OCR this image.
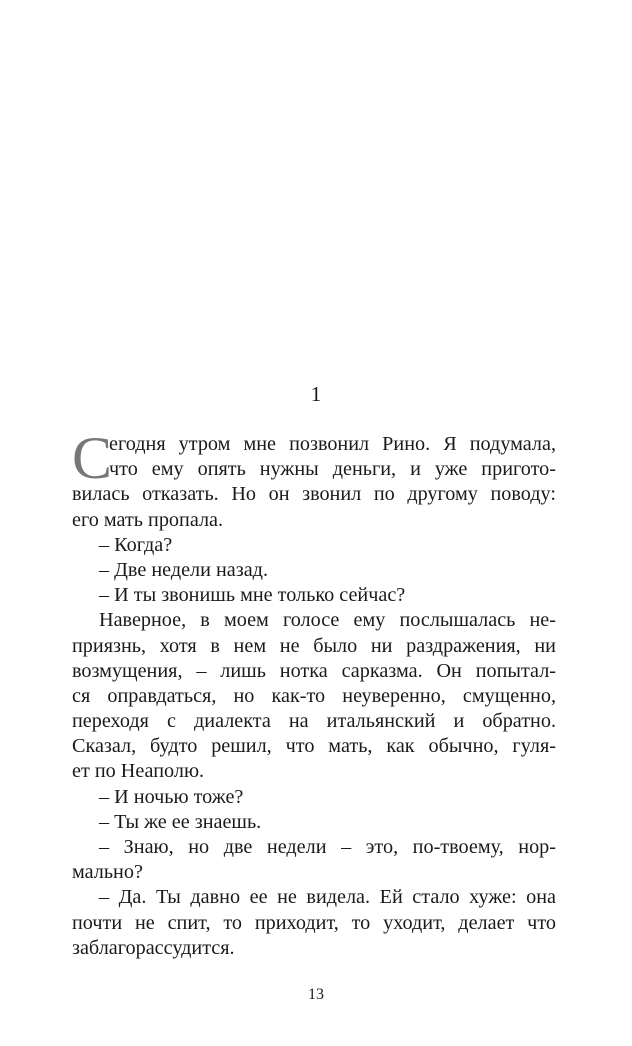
1
С
егодня утром мне позвонил Рино. Я подумала,
что ему опять нужны деньги, и уже пригото-
вилась отказать. Но он звонил по другому поводу:
его мать пропала.
– Когда?
– Две недели назад.
– И ты звонишь мне только сейчас?
Наверное, в моем голосе ему послышалась не-
приязнь, хотя в нем не было ни раздражения, ни
возмущения, – лишь нотка сарказма. Он попытал-
ся оправдаться, но как-то неуверенно, смущенно,
переходя с диалекта на итальянский и обратно.
Сказал, будто решил, что мать, как обычно, гуля-
ет по Неаполю.
– И ночью тоже?
– Ты же ее знаешь.
– Знаю, но две недели – это, по-твоему, нор-
мально?
– Да. Ты давно ее не видела. Ей стало хуже: она
почти не спит, то приходит, то уходит, делает что
заблагорассудится.
13
